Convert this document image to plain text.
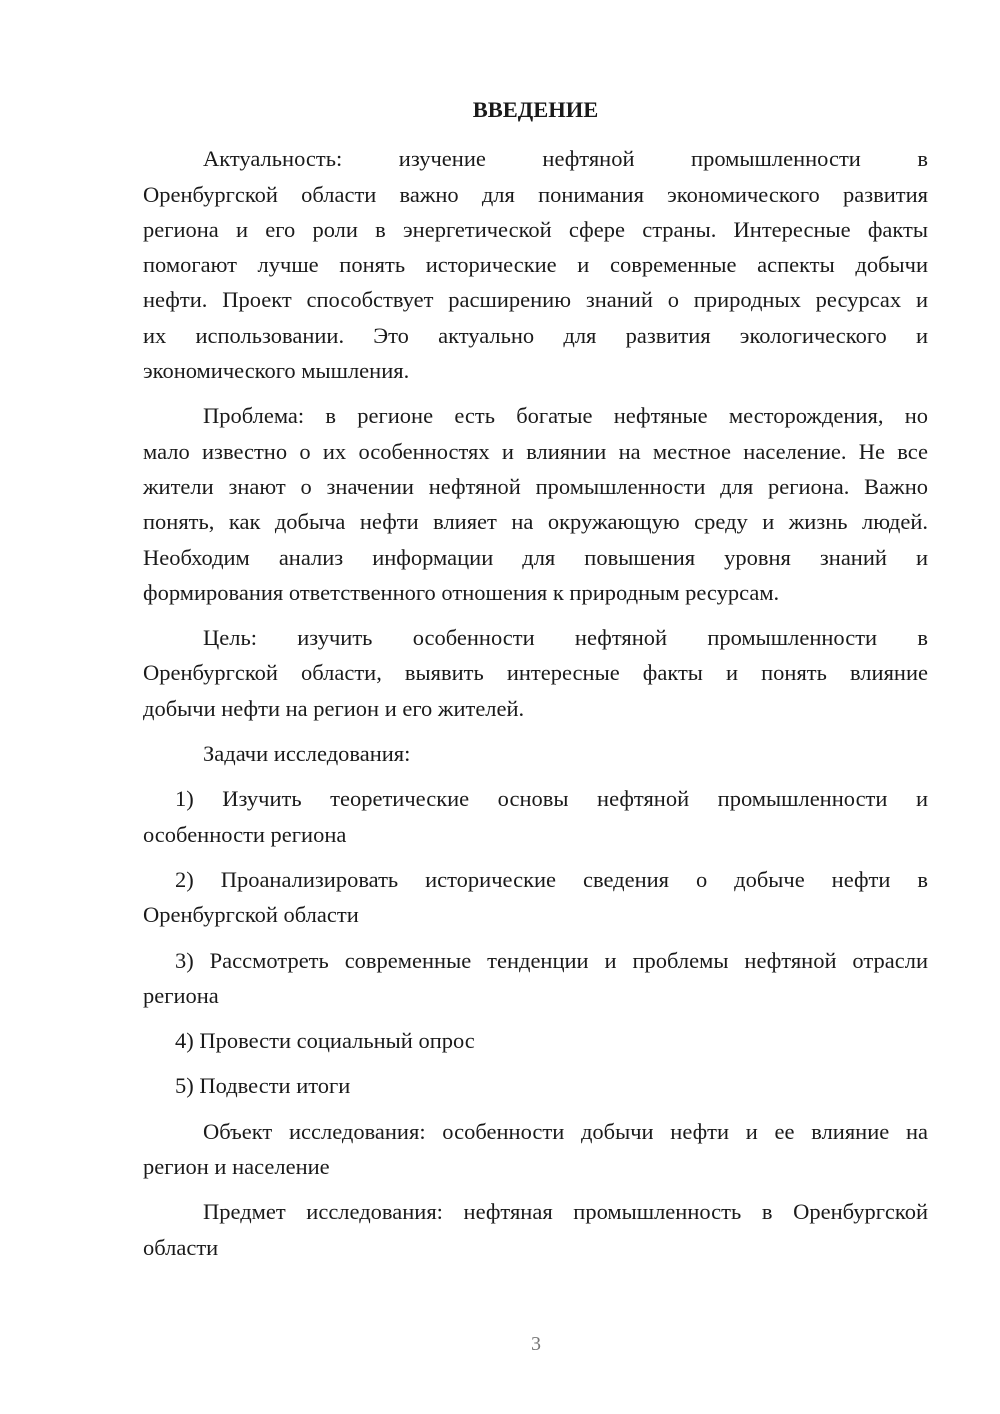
ВВЕДЕНИЕ
Актуальность: изучение нефтяной промышленности в
Оренбургской области важно для понимания экономического развития
региона и его роли в энергетической сфере страны. Интересные факты
помогают лучше понять исторические и современные аспекты добычи
нефти. Проект способствует расширению знаний о природных ресурсах и
их использовании. Это актуально для развития экологического и
экономического мышления.
Проблема: в регионе есть богатые нефтяные месторождения, но
мало известно о их особенностях и влиянии на местное население. Не все
жители знают о значении нефтяной промышленности для региона. Важно
понять, как добыча нефти влияет на окружающую среду и жизнь людей.
Необходим анализ информации для повышения уровня знаний и
формирования ответственного отношения к природным ресурсам.
Цель: изучить особенности нефтяной промышленности в
Оренбургской области, выявить интересные факты и понять влияние
добычи нефти на регион и его жителей.
Задачи исследования:
1) Изучить теоретические основы нефтяной промышленности и
особенности региона
2) Проанализировать исторические сведения о добыче нефти в
Оренбургской области
3) Рассмотреть современные тенденции и проблемы нефтяной отрасли
региона
4) Провести социальный опрос
5) Подвести итоги
Объект исследования: особенности добычи нефти и ее влияние на
регион и население
Предмет исследования: нефтяная промышленность в Оренбургской
области
3
